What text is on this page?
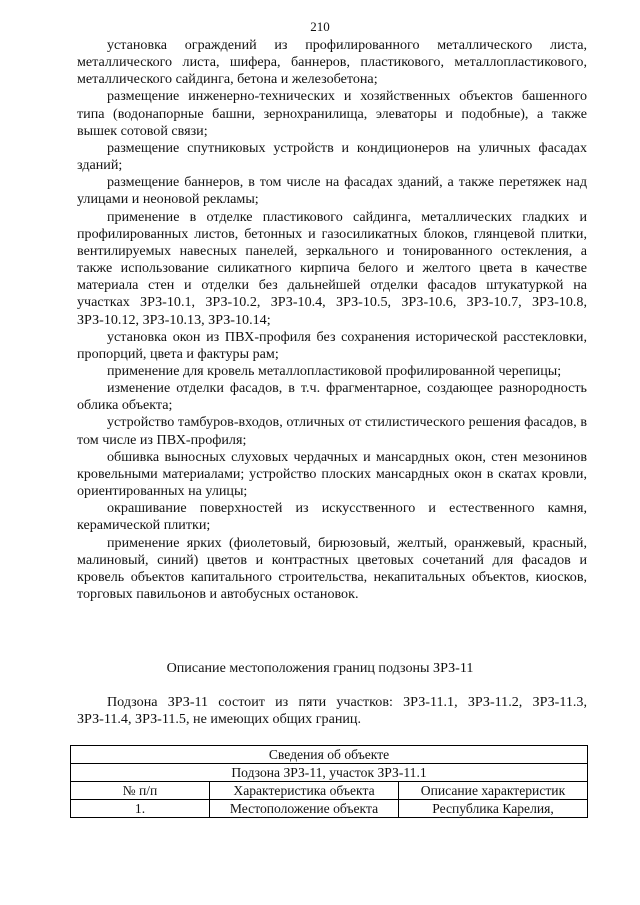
210

установка ограждений из профилированного металлического листа, металлического листа, шифера, баннеров, пластикового, металлопластикового, металлического сайдинга, бетона и железобетона;

размещение инженерно-технических и хозяйственных объектов башенного типа (водонапорные башни, зернохранилища, элеваторы и подобные), а также вышек сотовой связи;

размещение спутниковых устройств и кондиционеров на уличных фасадах зданий;

размещение баннеров, в том числе на фасадах зданий, а также перетяжек над улицами и неоновой рекламы;

применение в отделке пластикового сайдинга, металлических гладких и профилированных листов, бетонных и газосиликатных блоков, глянцевой плитки, вентилируемых навесных панелей, зеркального и тонированного остекления, а также использование силикатного кирпича белого и желтого цвета в качестве материала стен и отделки без дальнейшей отделки фасадов штукатуркой на участках ЗРЗ-10.1, ЗРЗ-10.2, ЗРЗ-10.4, ЗРЗ-10.5, ЗРЗ-10.6, ЗРЗ-10.7, ЗРЗ-10.8, ЗРЗ-10.12, ЗРЗ-10.13, ЗРЗ-10.14;

установка окон из ПВХ-профиля без сохранения исторической расстекловки, пропорций, цвета и фактуры рам;

применение для кровель металлопластиковой профилированной черепицы;

изменение отделки фасадов, в т.ч. фрагментарное, создающее разнородность облика объекта;

устройство тамбуров-входов, отличных от стилистического решения фасадов, в том числе из ПВХ-профиля;

обшивка выносных слуховых чердачных и мансардных окон, стен мезонинов кровельными материалами; устройство плоских мансардных окон в скатах кровли, ориентированных на улицы;

окрашивание поверхностей из искусственного и естественного камня, керамической плитки;

применение ярких (фиолетовый, бирюзовый, желтый, оранжевый, красный, малиновый, синий) цветов и контрастных цветовых сочетаний для фасадов и кровель объектов капитального строительства, некапитальных объектов, киосков, торговых павильонов и автобусных остановок.

Описание местоположения границ подзоны ЗРЗ-11

Подзона ЗРЗ-11 состоит из пяти участков: ЗРЗ-11.1, ЗРЗ-11.2, ЗРЗ-11.3, ЗРЗ-11.4, ЗРЗ-11.5, не имеющих общих границ.

Сведения об объекте		
Подзона ЗРЗ-11, участок ЗРЗ-11.1		
№ п/п	Характеристика объекта	Описание характеристик
1.	Местоположение объекта	Республика Карелия,
